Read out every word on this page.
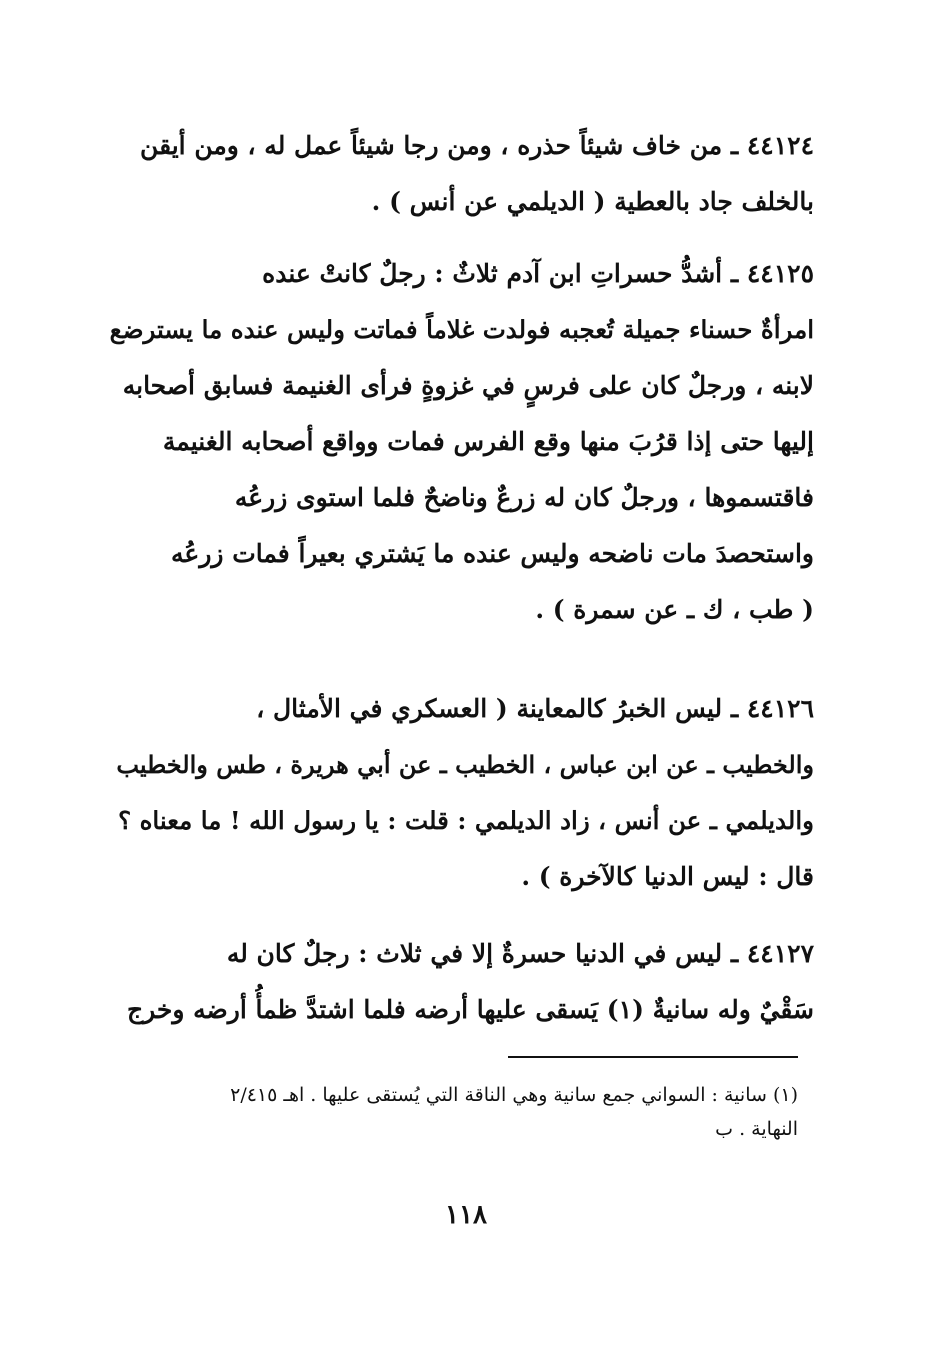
٤٤١٢٤ ـ من خاف شيئاً حذره ، ومن رجا شيئاً عمل له ، ومن أيقن
بالخلف جاد بالعطية ( الديلمي عن أنس ) .
٤٤١٢٥ ـ أشدُّ حسراتِ ابن آدم ثلاثٌ : رجلٌ كانتْ عنده
امرأةٌ حسناء جميلة تُعجبه فولدت غلاماً فماتت وليس عنده ما يسترضع
لابنه ، ورجلٌ كان على فرسٍ في غزوةٍ فرأى الغنيمة فسابق أصحابه
إليها حتى إذا قرُبَ منها وقع الفرس فمات وواقع أصحابه الغنيمة
فاقتسموها ، ورجلٌ كان له زرعٌ وناضحٌ فلما استوى زرعُه
واستحصدَ مات ناضحه وليس عنده ما يَشتري بعيراً فمات زرعُه
( طب ، ك ـ عن سمرة ) .
٤٤١٢٦ ـ ليس الخبرُ كالمعاينة ( العسكري في الأمثال ،
والخطيب ـ عن ابن عباس ، الخطيب ـ عن أبي هريرة ، طس والخطيب
والديلمي ـ عن أنس ، زاد الديلمي : قلت : يا رسول الله ! ما معناه ؟
قال : ليس الدنيا كالآخرة ) .
٤٤١٢٧ ـ ليس في الدنيا حسرةٌ إلا في ثلاث : رجلٌ كان له
سَقْيٌ وله سانيةٌ (١) يَسقى عليها أرضه فلما اشتدَّ ظمأُ أرضه وخرج
(١) سانية : السواني جمع سانية وهي الناقة التي يُستقى عليها . اهـ ٢/٤١٥
النهاية . ب
١١٨
